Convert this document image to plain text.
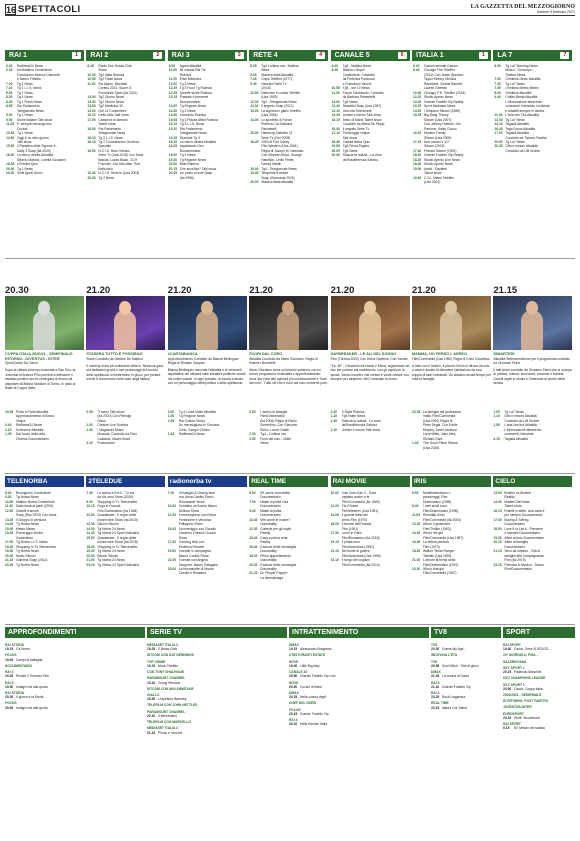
16 SPETTACOLI	LA GAZZETTA DEL MEZZOGIORNO
Martedì 9 febbraio 2021
RAI 1	1
6.00	RaiNews24 News
6.45	UnoMattina Contenitore.
Conducono Monica Giandotti
e Marco Frittella
7.00	Tg 1 News
7.10	Tg 1 L.I.S. News
8.00	Tg 1 News
8.30	Tg 1 News
8.35	Tg 1 Flash News
8.55	Rai Parlamento
Telegiornale News
9.00	Tg 1 News
9.50	Storie italiane Talk show
11.55 E' sempre mezzogiorno
Cucina
13.30 Tg 1 News
14.00 Oggi è un altro giorno
Talk show
15.55 Il Paradiso delle Signore 5 -
Daily 3 Soap (Ita 2020)
16.50 La vita in diretta Attualità
Alberto Matano, Lorella Cuccarini
18.45 L'Eredità Quiz
20.00 Tg 1 News
20.30 Soliti ignoti Gioco
RAI 2	2
6.45	Radio Due Social Club
Show
10.00 Tg2 Italia Rubrica
10.55 Tg2 Flash News
11.00 Sci Alpino, Mondiali
Cortina 2021: Super G
Femminile Sport (Ita 2021)
13.00 Tg2 Giorno News
13.30 Tg2 Giorno News
13.50 Tg2 Medicina 33
14.00 Ore 14 Contenitore
15.15 Detto fatto Talk show
17.00 Campioni di domani
Talent show
18.00 Rai Parlamento
Telegiornale News
18.10 Tg 2 L.I.S. News
18.15 Tg 2 Consultazioni Governo
Speciale
18.50 N.C.I.S. New Orleans
Serie Tv (Usa 2018) Con Scott
Bakula, Lucas Black, CCH
Pounder, Zoe McLellan, Rob
Kerkovich
19.40 N.C.I.S. Serie tv (Usa 2003)
20.30 Tg 2 News
RAI 3	3
8.00	Agorà Attualità
10.00 Mi manda Rai Tre
Rubrica
11.00 Elisir Medicina
12.00 Tg 3 News
12.25 Tg 3 Fuori Tg Rubrica
12.45 Quante storie Rubrica
13.15 Passato e presente
Documentario
14.00 Tg Regione News
14.20 Tg 3 News
14.50 Leonardo Rubrica
15.05 Tg 3 Piazza Affari Rubrica
15.15 Tg 3 L.I.S. News
15.20 Rai Parlamento
Telegiornale News
15.25 Speciale Tg 3
16.10 La vita in diretta Attualità
18.25 Aspettando Geo
Documentario
19.00 Tg 3 News
19.30 Tg Regione News
20.00 Blob Rubrica
20.15 Che succ3de? Talk show
20.45 Un posto al sole Soap
(Ita 1996)
RETE 4	4
6.35	Tg4 L'ultima ora - Mattina
News
6.55	Stasera Italia Attualità
7.45	Chips Telefilm (1977)
9.45	Hazzard Serie Tv
(2018)
10.50 Detective in corsia Telefilm
(Usa 1993)
12.00 Tg4 - Telegiornale News
12.30 Il segreto Soap (2011)
13.00 La signora in giallo Telefilm
(Usa 1984)
14.00 Lo sportello di Forum
Rubrica Con Barbara
Palombelli
15.30 Hamburg Distretto 21
Serie Tv (Ger 2009)
16.45 1300 di Fort Canby
Film Western (Usa 1961)
Regia di Joseph M. Newman.
Con Stephen Boyd, George
Hamilton, Lenin Fetter,
Dewey Martin
19.00 Tg4 - Telegiornale News
19.35 Tempesta d'amore
Soap (Germania 2020)
20.30 Stasera Italia Attualità
CANALE 5	5
6.00	Tg5 - Mattina News
8.45	Mattino Cinque
Contenitore. Condotto
da Federica Panicucci
e Francesco Vecchi
10.55 Tg5 - ore 10 News
11.00 Forum Giudiziario. Condotto
da Barbara Palombelli
13.00 Tg5 News
13.40 Beautiful Soap (Usa 1987)
14.10 Una vita Telenovela
14.45 Uomini e donne Talk show
16.10 Amici di Maria Talent show
Condotto da Maria De Filippi
16.40 Il segreto Serie Tv
17.10 Pomeriggio cinque
Talk show
18.45 Caduta libera Quiz
19.55 Tg5 Prima Pagina
20.00 Tg5 News
20.40 Striscia la notizia - La voce
dell'insofferenza Satirico
ITALIA 1	1
6.40	Cartoni animati Cartoni
8.45	Chicago Fire Telefilm
(2012) Con Jesse Spencer,
Taylor Kinney, Monica
Raymund, Charlie Barnett,
Lauren German
10.30 Chicago P.D. Telefilm (2014)
12.25 Studio Aperto News
13.00 Grande Fratello Vip Reality
13.15 Sport Mediaset News
14.05 I Simpson Sitcom (1989)
15.25 Big Bang Theory
Sitcom (Usa 2007)
Con Johnny Galecki, Jim
Parsons, Kaley Cuoco
16.20 Modern Family
Sitcom (Usa 2009)
17.15 Due uomini e 1/2
Sitcom (2003)
17.40 Friends Sitcom (1994)
18.10 Grande Fratello Vip Reality
18.20 Studio Aperto Live News
18.30 Studio Aperto News
19.00 Amici - Daytime
Talent show
19.30 C.S.I. Miami Telefilm
(Usa 2002)
LA 7	7
6.00	Tg La7 Morning News
Meteo - Oroscopo -
Traffico News
7.00	Omnibus News Attualità
7.30	Tg La7 News
7.55	Omnibus Meteo Meteo
8.00	Omnibus Attualità
9.40	Coffee Break Attualità
L'informazione attraverso
commenti, interviste, inchieste,
e dibattiti sempre in diretta
11.00 L'Aria che Tira Attualità
13.30 Tg La7 News
14.15 Tagadà Attualità
16.40 Taga Focus Attualità
17.00 Tagadà Attualità
Condotto da Tiziana Panella
20.00 Tg La7 News
20.35 Otto e mezzo Attualità
Condotto da Lilli Gruber
20.30
COPPA ITALIA 2020/21 - SEMIFINALE: RITORNO. JUVENTUS - INTER
Sport/Calcio Da Torino
Dopo la vittoria al tempo maturata a San Siro, la Juventus di Andrea Pirlo proverà a difendere il risultato positivo anche nella gara di ritorno da disputare all'Allianz Stadium di Torino. In palio la finale di Coppa Italia.
21.20
STASERA TUTTO È POSSIBILE
Show Condotto da Stefano De Martino.
Il comedy show più esilarante della tv. Nessuna gara, ma tantissimi giochi e vari personaggi del mondo dello spettacolo si metteranno in gioco, per portare sorrisi e buonumore nelle case degli italiani.
21.20
#CARTABIANCA
Approfondimento Condotto da Bianca Berlinguer. Regia di Rinaldo Gaspari.
Bianca Berlinguer racconta l'attualità e le crescenti aspettative dei cittadini sulle iniziative politiche sociali nel nostro paese. In ogni puntata, un faccia a faccia con un personaggio della politica o dello spettacolo.
21.20
FUORI DAL CORO
Attualità Condotto da Mario Giordano. Regia di Roberto Burchielli.
Mario Giordano torna sul piccolo schermo con un nuovo programma di attualità e approfondimento dove dar voce alle opinioni più controcorrente e "fuori dal coro". Tutto ciò che è fuori dal coro conviene pure.
21.20
DAYBREAKER - LE ALI DEL SOGNO
Film (Turchia 2020) Con Deniz Özdemir, Can Yaman.
"Ep. 80" - Cercando tra Nume e Minar, organizzato ad hoc per portare dal matrimonio, con gli ospiti per la sposa. Vanno incontro che cresce e vuole restare con sempre uno straniero. Nel Consolato la Arrivo.
21.20
MAMMA, HO PERSO L'AEREO
Film/Commedia (Usa 1990) Regia di Chris Columbus.
A tutto con il mutolo. Il piccolo Kevin si ritrova da solo a casa e decide di difendere l'abitazione da una coppia di ladri imbranati. Un classico senza tempo per tutta la famiglia.
21.15
DIMARTEDÌ
Attualità Settima edizione per il programma condotto da Giovanni Floris.
Il talk show condotto da Giovanni Floris che si occupa di politica, cultura, economia, costume e società. Grandi ospiti in studio e l'intervista al centro della serata.
TELENORBA	2TELEDUE	radionorba tv	REAL TIME	RAI MOVIE	IRIS	CIELO
8.30	Buongiorno Contenitore
9.00	Tg Norba News
10.00 Mattino Norba Contenitore
11.30 Dalla testa ai piedi (2002)
12.20 Gedolli d'amore
Soap (Rus 2003) Con Anna
13.45 Il Gruppo di pensioni
14.30 Tg Norba News
15.00 Meteo Meteo
15.45 Pomeriggio Norba
Contenitore
17.00 Tg Norba L.I.S. News
18.00 Shopping In Tv Televendita
19.30 Tg Norba News
20.30 Music Sitcom
21.15 Gabriela Soap (2012)
23.30 Tg Norba News
7.30	La spesa a Km 0 - Tu ma
da noi zero Show (2019)
9.30	Shopping in Tv Televendita
10.15 Fuga in Francia
Film Drammatico (Ita 1948)
12.00 Quadabase - Il regno delle
nostre idee Show (Ita 2018)
13.30 Sitcom Sitcom
14.00 Tg Norba 24 News
14.30 Tg Norba 24 Sport Notiziario
15.00 Quadabase - Il regno delle
nostre idee Show (Ita 2018)
18.00 Shopping in Tv Televendita
19.30 Tg Norba 24 News
20.00 Bitcoin Sitcom
21.00 Tg Norba 24 News
23.15 Tg Norba 24 Sport Notiziario
7.00	Il risveglio & Driving time
con Anna Cardini Parco
Romanazzi Show
10.00 Il mattino on Anche Mauro
Delloca Show
12.00 Il mezzogiorno con Elena
Fortarsiere e Veronica
Pallagrino Show
15.00 Il pomeriggio con Claudio
Casserio e Marco Guazzi
Show
17.00 Il driving time con
Federica Felicetti
19.00 Il serale in compagnia
Mauro Corallo Show
21.00 Il serale con Angela
Tangorra, Mauro Galagano
23.00 La buonanotte di Mauro
Carollo e Rossana
6.00	Ell, storie monofollia
Documentario
7.50	Malati di pulita Usa
Documentario
9.40	Malati di pulita
Documentario
10.40 Vite come le nostre?
Docureality
12.30 Cortesie per gli ospiti
Reality
15.40 Casa a prima vista
Reality
16.40 Il salone delle meraviglie
Docureality
18.30 Primo appuntamento
Docureality
20.30 Il salone delle meraviglie
Docureality
21.20 Dr. Pimple Popper:
La dermatologa
10.00 Zum Zum Zum 2 - Sarà
capitato anche a te
Film/Commedia (Ita 1969)
12.00 Fai il Nome
Film/Western (Usa 1951)
14.00 Il grande ballo del
vento Film (1970)
16.00 Il terrore dell'Olanda
Film (1941)
17.30 Lover in Paris
Film/Romantico (Ita 2018)
19.15 Il pirata nero
Film/Avventura (1952)
21.10 Nel fiume di guerra
Film/Avventura (Usa 1995)
23.10 Il fango dei coglioni
Film/Commedia (Ita 2014)
6.50	Modelmessicano o
personaggi, Film
Drammatico (1998)
8.40	I miei simili sono
Film/Drammatico (1996)
11.05 Ricordati di me
Film/Commedia (Ita 2003)
13.20 Attore o giustiziere
Film/Thriller (1963)
14.45 Who's the girl
Film/Commedia (Usa 1987)
16.45 La lettera perduta
Film (1973)
18.20 Walker Texas Ranger
Telefilm (Usa 1993)
21.00 L'amore ai tempi della
Film/Drammatico (1997)
23.20 Who's that girl
Film/Commedia (1987)
13.00 Brother vs Brother
Reality
14.00 MasterChef Italia
Talent show
16.15 Fratelli in affari: Una casa è
per sempre Documentario
17.00 Buying & Selling
Documentario
18.00 Love it or List it - Prendere
o lasciare Documentario
19.00 Affari al buio Documentario
20.15 Affari di famiglia
Documentario
21.15 Vieni da lontano - Vita di
famiglia alla Campagnarda
Film (Ita 2019)
23.15 Pornstar in Mexico - Sesso
Film/Documentario
APPROFONDIMENTI	SERIE TV	INTRATTENIMENTO	TV8	SPORT
RAI STORIA
19.15 Cà Nome
FOCUS
19.00 Campi di battaglia
DOCUMENTARIO
RAI 3
19.25 Rinaldi Il Tremato Film
RAI 5
19.30 Indagini ad alta quota
RAI STORIA
20.30 Il giorno e la Storia
FOCUS
20.00 Indagini ad alta quota
MEDIASET ITALIA 2
19.25 2 Broke Girls
SITCOM CON KAT DENNINGS
TOP CRIME
19.15 Monk Telefilm
CON TONY SHALHOUB
PARAMOUNT CHANNEL
19.10 Young Sheldon
SITCOM CON IAIN ARMITAGE
GIALLO
19.30 L'Ispettore Barnaby
TELEFILM CON JOHN NETTLES
PARAMOUNT CHANNEL
20.10 Il Mercenario
TELEFILM CON MARCELLO
MEDIASET ITALIA 2
21.15 Pinolo e i trucchi
DMAX
19.15 Alessandro Borghese -
4 RISTORANTI ESTATE
NOVE
19.00 Little Big Italy
CANALE 20
20.50 Grande Fratello Vip Live
NOVE
20.00 Cucchi di fiaba
DMAX
20.25 Nella cucina degli
CHEF DEL NORD
FOCUS
20.15 Grande Fratello Vip
RAI 4
20.10 Hells Kitchen Italia
TV8
20.30 Guess My Age -
INDOVINA L'ETÀ
TV8
20.55 Soul Witch - Stai al gioco
DMAX
21.25 La cucina di Sonia
RAI 5
21.10 Grande Fratello Vip
RAI 4
23.25 Rock Leggenda
REAL TIME
23.15 Italia's Got Talent
RAI SPORT
19.30 Calcio, Serie B 2020/21 -
22ª GIORNATA: PISA -
SALERNITANA
SKY SPORT 1
20.15 Pallavolo Maschile
CEV CHAMPIONS LEAGUE
SKY SPORT 1
23.00 Calcio, Coppa Italia
2020/2021 - SEMIFINALE
DI RITORNO: POST PARTITA
JUVENTUS-INTER
EUROSPORT
23.15 Wolff. Snowboard
RAI SPORT
0.15	50' Minuto del sabato
23.05 Porta a Porta Attualità
Approfondimento di Bruno
Vespa
0.40	RaiNews24 News
1.15	Sottovoce Attualità
1.45	Dal fondo della città -
Cinema Documentario
0.05	Ti sento Talk show
(Ita 2020) Con Pierluigi
Diaco
1.00	Cantine Live Rubrica
1.30	I Magazzini Music
Musicali. Condotto da Gino
Castaldo, Mauro Bruni
2.10	Promozione
0.00	Tg 3 Linea Notte Attualità
1.00	Tg Regione News
1.05	Rai Cultura Storia
Un meraviglioso in Cronaca
Cielo, Giorgio Chirico
1.35	RaiNews24 News
0.50	L'amico di famiglia
Film/Drammatico
(Ita 2006) Regia di Paolo
Sorrentino. Con Giacomo
Rizzo, Laura Chiatti
2.30	Tg4 - L'ultima ora
2.50	Fuori dal coro - Notte
News
0.10	X-Style Rubrica
1.10	Tg5 Notte News
1.45	Striscia la notizia - La voce
dell'insofferenza Satirico
2.10	Uomini e donne Talk show
23.25 La famiglia del professore
matto Film/Commedia
(Usa 2000) Regia di
Peter Segal. Con Eddie
Murphy, Janet Jackson,
Larry Miller, John Ales,
Richard Gant
1.30	The Good Place Sitcom
(Usa 2016)
1.00	Tg La7 News
1.10	Otto e mezzo Attualità
Condotto da Lilli Gruber
1.50	L'aria che tira Attualità
L'informazione attraverso
commenti, interviste
4.15	Tagadà Attualità
